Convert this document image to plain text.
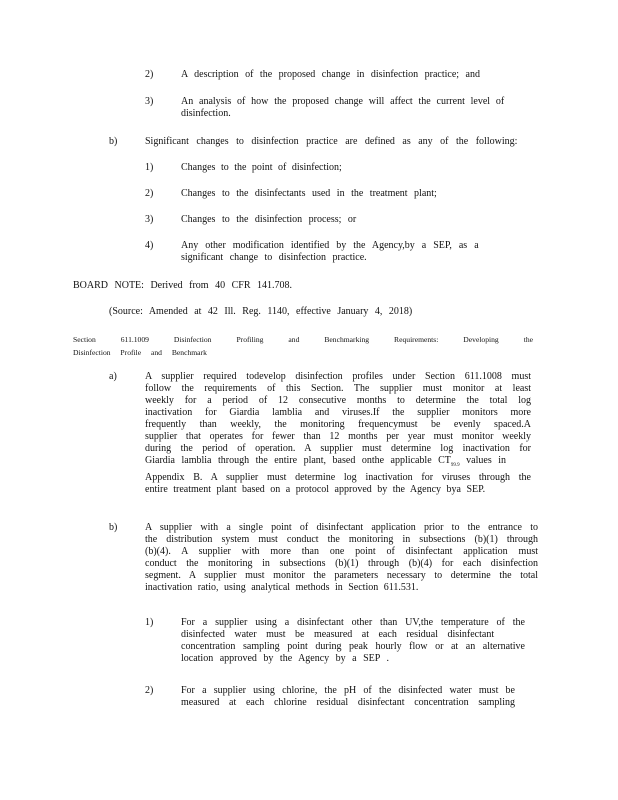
2)	A description of the proposed change in disinfection practice; and
3)	An analysis of how the proposed change will affect the current level of
disinfection.
b)	Significant changes to disinfection practice are defined as any of the following:
1)	Changes to the point of disinfection;
2)	Changes to the disinfectants used in the treatment plant;
3)	Changes to the disinfection process; or
4)	Any other modification identified by the Agency,by a SEP, as a
significant change to disinfection practice.
BOARD NOTE: Derived from 40 CFR 141.708.
(Source: Amended at 42 Ill. Reg. 1140, effective January 4, 2018)
Section 611.1009 Disinfection Profiling and Benchmarking Requirements: Developing the
Disinfection Profile and Benchmark
a)	A supplier required todevelop disinfection profiles under Section 611.1008 must
follow the requirements of this Section. The supplier must monitor at least
weekly for a period of 12 consecutive months to determine the total log
inactivation for Giardia lamblia and viruses.If the supplier monitors more
frequently than weekly, the monitoring frequencymust be evenly spaced.A
supplier that operates for fewer than 12 months per year must monitor weekly
during the period of operation. A supplier must determine log inactivation for
Giardia lamblia through the entire plant, based onthe applicable $CT_{99.9}$ values in
Appendix B. A supplier must determine log inactivation for viruses through the
entire treatment plant based on a protocol approved by the Agency bya SEP.
b)	A supplier with a single point of disinfectant application prior to the entrance to
the distribution system must conduct the monitoring in subsections (b)(1) through
(b)(4). A supplier with more than one point of disinfectant application must
conduct the monitoring in subsections (b)(1) through (b)(4) for each disinfection
segment. A supplier must monitor the parameters necessary to determine the total
inactivation ratio, using analytical methods in Section 611.531.
1)	For a supplier using a disinfectant other than UV,the temperature of the
disinfected water must be measured at each residual disinfectant
concentration sampling point during peak hourly flow or at an alternative
location approved by the Agency by a SEP .
2)	For a supplier using chlorine, the pH of the disinfected water must be
measured at each chlorine residual disinfectant concentration sampling
